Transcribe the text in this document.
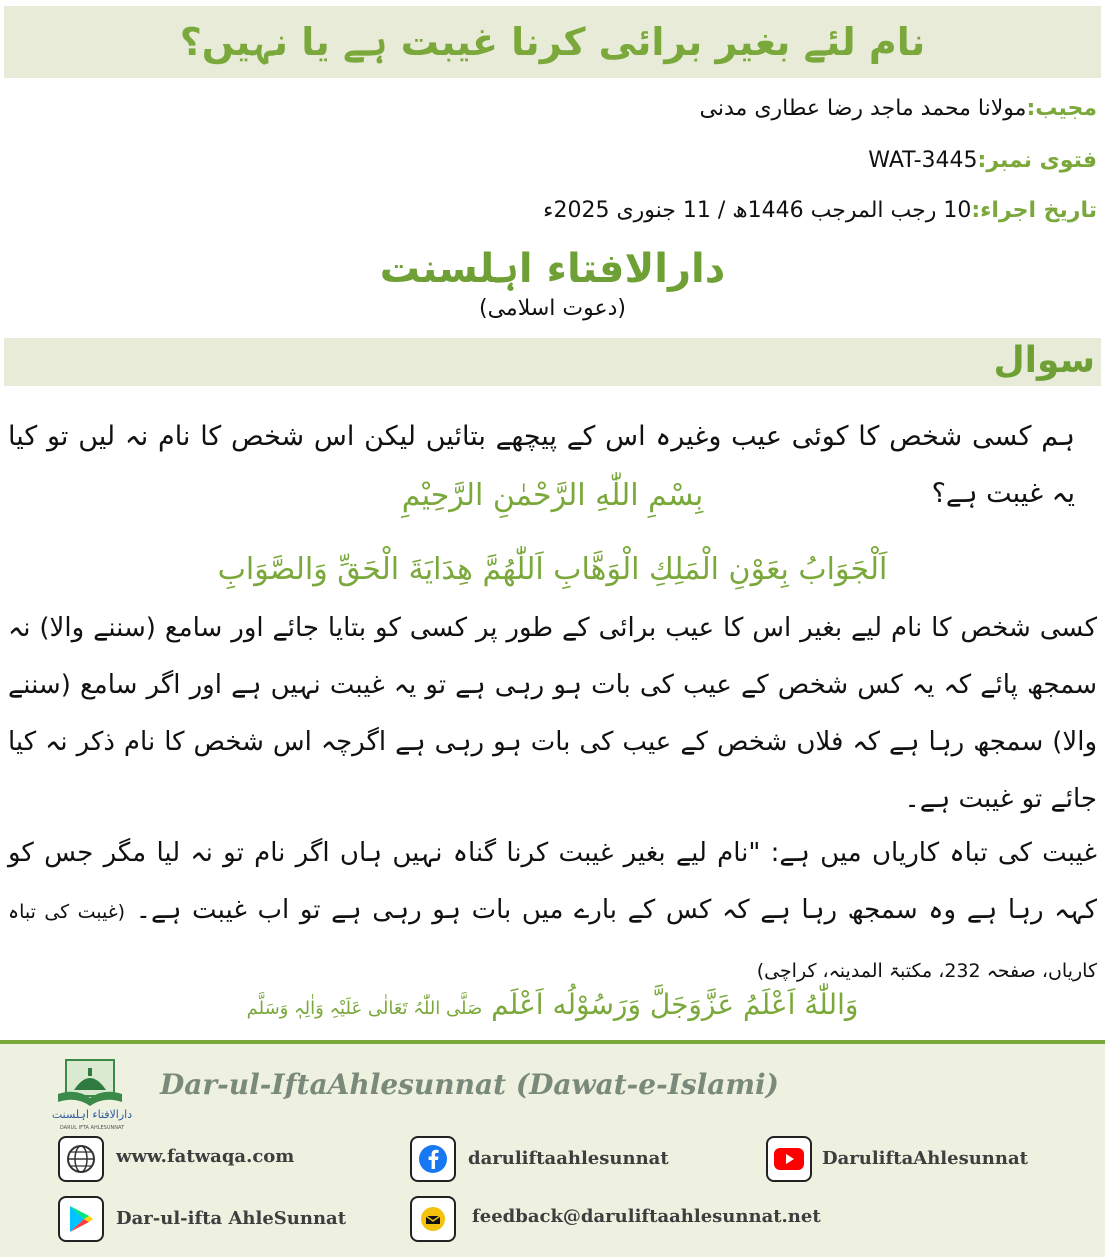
نام لئے بغیر برائی کرنا غیبت ہے یا نہیں؟
مجیب:مولانا محمد ماجد رضا عطاری مدنی
فتوی نمبر:WAT-3445
تاریخ اجراء:10 رجب المرجب 1446ھ / 11 جنوری 2025ء
دارالافتاء اہلسنت
(دعوت اسلامی)
سوال
ہم کسی شخص کا کوئی عیب وغیرہ اس کے پیچھے بتائیں لیکن اس شخص کا نام نہ لیں تو کیا یہ غیبت ہے؟
بِسْمِ اللّٰهِ الرَّحْمٰنِ الرَّحِیْمِ
اَلْجَوَابُ بِعَوْنِ الْمَلِكِ الْوَهَّابِ اَللّٰهُمَّ هِدَايَةَ الْحَقِّ وَالصَّوَابِ
کسی شخص کا نام لیے بغیر اس کا عیب برائی کے طور پر کسی کو بتایا جائے اور سامع (سننے والا) نہ سمجھ پائے کہ یہ کس شخص کے عیب کی بات ہو رہی ہے تو یہ غیبت نہیں ہے اور اگر سامع (سننے والا) سمجھ رہا ہے کہ فلاں شخص کے عیب کی بات ہو رہی ہے اگرچہ اس شخص کا نام ذکر نہ کیا جائے تو غیبت ہے۔
غیبت کی تباہ کاریاں میں ہے: "نام لیے بغیر غیبت کرنا گناہ نہیں ہاں اگر نام تو نہ لیا مگر جس کو کہہ رہا ہے وہ سمجھ رہا ہے کہ کس کے بارے میں بات ہو رہی ہے تو اب غیبت ہے۔ (غیبت کی تباہ کاریاں، صفحہ 232، مکتبۃ المدینہ، کراچی)
وَاللّٰهُ اَعْلَمُ عَزَّوَجَلَّ وَرَسُوْلُه اَعْلَم صَلَّی اللّٰہُ تَعَالٰی عَلَیْہِ وَاٰلِہٖ وَسَلَّم
دارالافتاء اہلسنت
DARUL IFTA AHLESUNNAT
Dar-ul-IftaAhlesunnat (Dawat-e-Islami)
www.fatwaqa.com	daruliftaahlesunnat	DaruliftaAhlesunnat
Dar-ul-ifta AhleSunnat	feedback@daruliftaahlesunnat.net
